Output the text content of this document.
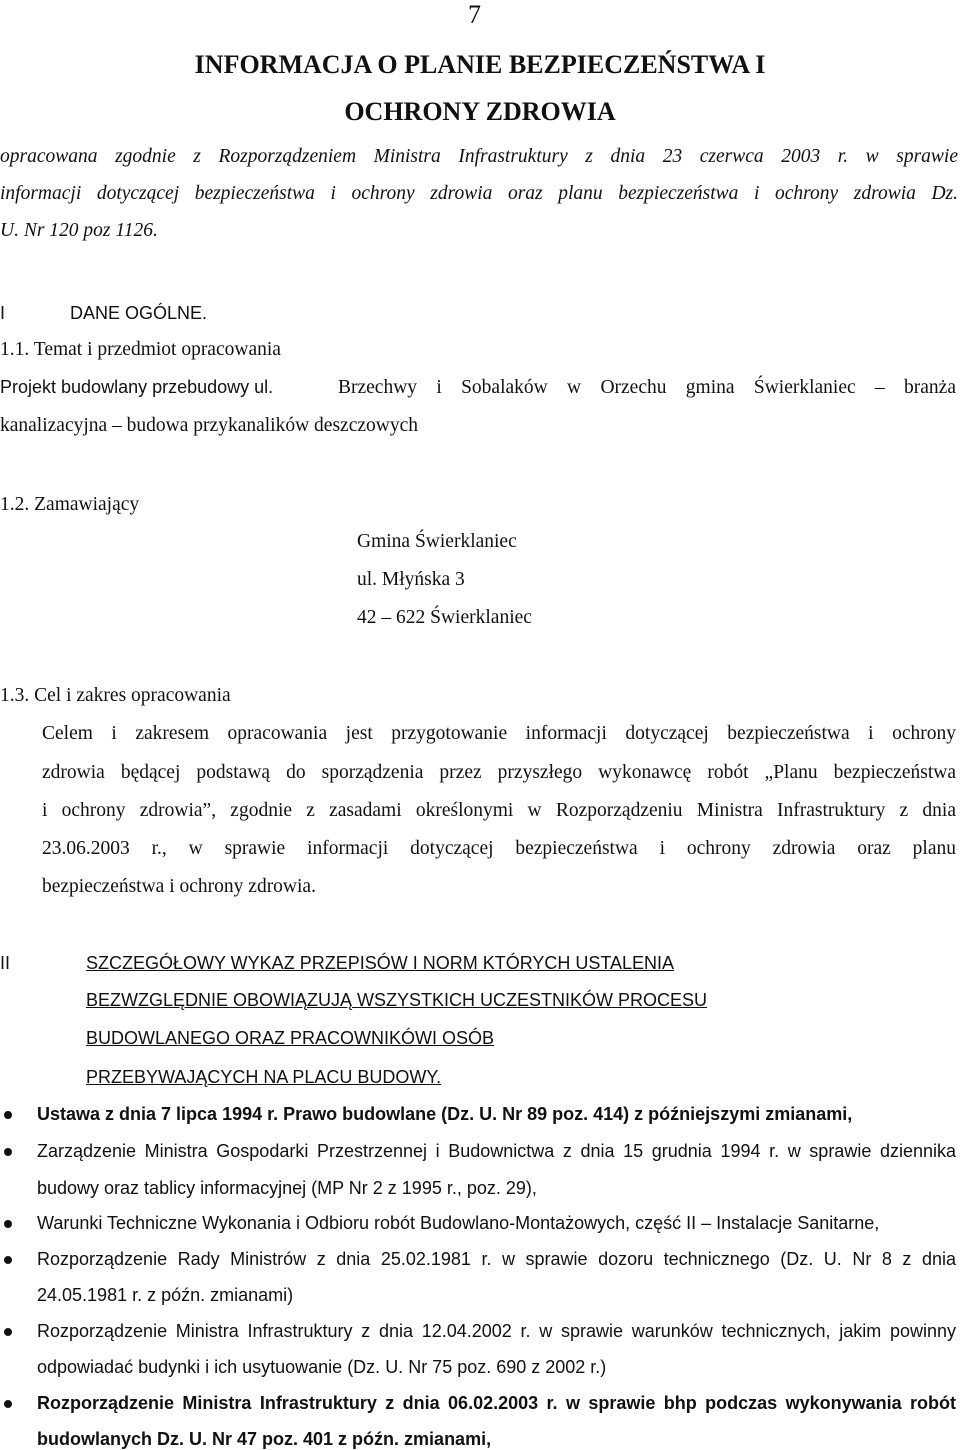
7
INFORMACJA O PLANIE BEZPIECZEŃSTWA I
OCHRONY ZDROWIA
opracowana zgodnie z Rozporządzeniem Ministra Infrastruktury z dnia 23 czerwca 2003 r. w sprawie
informacji dotyczącej bezpieczeństwa i ochrony zdrowia oraz planu bezpieczeństwa i ochrony zdrowia Dz.
U. Nr 120 poz 1126.
I	DANE OGÓLNE.
1.1. Temat i przedmiot opracowania
Projekt budowlany przebudowy ul.	Brzechwy i Sobalaków w Orzechu gmina Świerklaniec – branża
kanalizacyjna – budowa przykanalików deszczowych
1.2. Zamawiający
Gmina Świerklaniec
ul. Młyńska 3
42 – 622 Świerklaniec
1.3. Cel i zakres opracowania
Celem i zakresem opracowania jest przygotowanie informacji dotyczącej bezpieczeństwa i ochrony
zdrowia będącej podstawą do sporządzenia przez przyszłego wykonawcę robót „Planu bezpieczeństwa
i ochrony zdrowia”, zgodnie z zasadami określonymi w Rozporządzeniu Ministra Infrastruktury z dnia
23.06.2003 r., w sprawie informacji dotyczącej bezpieczeństwa i ochrony zdrowia oraz planu
bezpieczeństwa i ochrony zdrowia.
II	SZCZEGÓŁOWY WYKAZ PRZEPISÓW I NORM KTÓRYCH USTALENIA
BEZWZGLĘDNIE OBOWIĄZUJĄ WSZYSTKICH UCZESTNIKÓW PROCESU
BUDOWLANEGO ORAZ PRACOWNIKÓWI OSÓB
PRZEBYWAJĄCYCH NA PLACU BUDOWY.
Ustawa z dnia 7 lipca 1994 r. Prawo budowlane (Dz. U. Nr 89 poz. 414) z późniejszymi zmianami,
Zarządzenie Ministra Gospodarki Przestrzennej i Budownictwa z dnia 15 grudnia 1994 r. w sprawie dziennika
budowy oraz tablicy informacyjnej (MP Nr 2 z 1995 r., poz. 29),
Warunki Techniczne Wykonania i Odbioru robót Budowlano-Montażowych, część II – Instalacje Sanitarne,
Rozporządzenie Rady Ministrów z dnia 25.02.1981 r. w sprawie dozoru technicznego (Dz. U. Nr 8 z dnia
24.05.1981 r. z późn. zmianami)
Rozporządzenie Ministra Infrastruktury z dnia 12.04.2002 r. w sprawie warunków technicznych, jakim powinny
odpowiadać budynki i ich usytuowanie (Dz. U. Nr 75 poz. 690 z 2002 r.)
Rozporządzenie Ministra Infrastruktury z dnia 06.02.2003 r. w sprawie bhp podczas wykonywania robót
budowlanych Dz. U. Nr 47 poz. 401 z późn. zmianami,
